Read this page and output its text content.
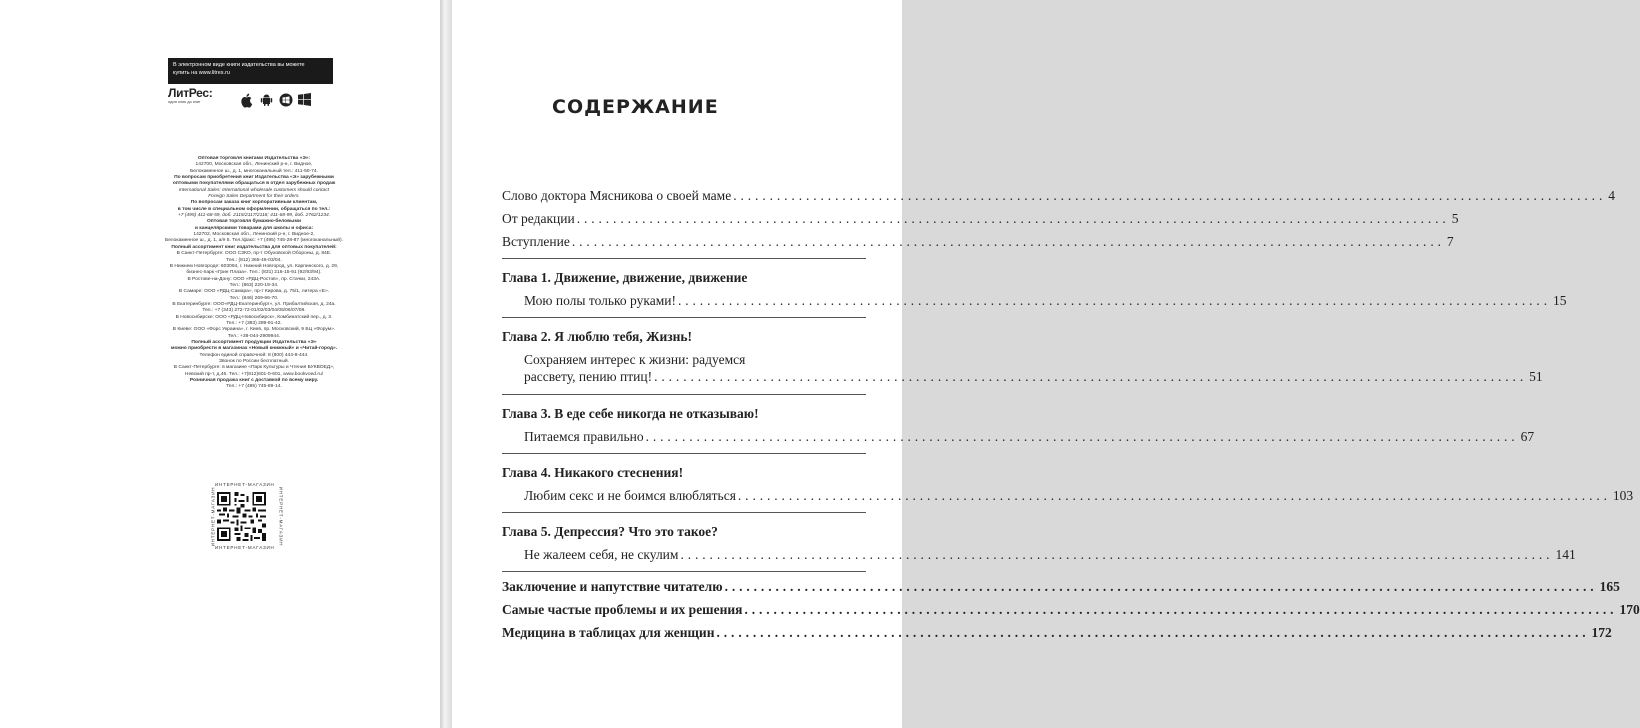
В электронном виде книги издательства вы можете
купить на www.litres.ru
ЛитРес:
один клик до книг
Оптовая торговля книгами Издательства «Э»:
142700, Московская обл., Ленинский р-н, г. Видное,
Белокаменное ш., д. 1, многоканальный тел.: 411-50-74.
По вопросам приобретения книг Издательства «Э» зарубежными
оптовыми покупателями обращаться в отдел зарубежных продаж
International Sales: International wholesale customers should contact
Foreign Sales Department for their orders.
По вопросам заказа книг корпоративным клиентам,
в том числе в специальном оформлении, обращаться по тел.:
+7 (495) 411-68-59, доб. 2115/2117/2118; 411-68-99, доб. 2762/1234.
Оптовая торговля бумажно-беловыми
и канцелярскими товарами для школы и офиса:
142702, Московская обл., Ленинский р-н, г. Видное-2,
Белокаменное ш., д. 1, а/я 5. Тел./факс: +7 (495) 745-28-87 (многоканальный).
Полный ассортимент книг издательства для оптовых покупателей:
В Санкт-Петербурге: ООО СЗКО, пр-т Обуховской Обороны, д. 84Е.
Тел.: (812) 365-46-03/04.
В Нижнем Новгороде: 603094, г. Нижний Новгород, ул. Карпинского, д. 29,
бизнес-парк «Грин Плаза». Тел.: (831) 216-15-91 (92/93/94).
В Ростове-на-Дону: ООО «РДЦ-Ростов», пр. Стачки, 243А.
Тел.: (863) 220-19-34.
В Самаре: ООО «РДЦ-Самара», пр-т Кирова, д. 75/1, литера «Е».
Тел.: (846) 269-66-70.
В Екатеринбурге: ООО«РДЦ-Екатеринбург», ул. Прибалтийская, д. 24а.
Тел.: +7 (343) 272-72-01/02/03/04/05/06/07/08.
В Новосибирске: ООО «РДЦ-Новосибирск», Комбинатский пер., д. 3.
Тел.: +7 (383) 289-91-42.
В Киеве: ООО «Форс Украина», г. Киев, пр. Московский, 9 БЦ «Форум».
Тел.: +38-044-2909944.
Полный ассортимент продукции Издательства «Э»
можно приобрести в магазинах «Новый книжный» и «Читай-город».
Телефон единой справочной: 8 (800) 444-8-444.
Звонок по России бесплатный.
В Санкт-Петербурге: в магазине «Парк Культуры и Чтения БУКВОЕД»,
Невский пр-т, д.46. Тел.: +7(812)601-0-601, www.bookvoed.ru/
Розничная продажа книг с доставкой по всему миру.
Тел.: +7 (495) 745-89-14.
ИНТЕРНЕТ-МАГАЗИН
ИНТЕРНЕТ-МАГАЗИН
ИНТЕРНЕТ-МАГАЗИН	ИНТЕРНЕТ-МАГАЗИН
СОДЕРЖАНИЕ
Слово доктора Мясникова о своей маме ........................................................................................................................ 4
От редакции ........................................................................................................................ 5
Вступление ........................................................................................................................ 7
Глава 1. Движение, движение, движение
Мою полы только руками! ........................................................................................................................ 15
Глава 2. Я люблю тебя, Жизнь!
Сохраняем интерес к жизни: радуемся
рассвету, пению птиц! ........................................................................................................................ 51
Глава 3. В еде себе никогда не отказываю!
Питаемся правильно ........................................................................................................................ 67
Глава 4. Никакого стеснения!
Любим секс и не боимся влюбляться ........................................................................................................................ 103
Глава 5. Депрессия? Что это такое?
Не жалеем себя, не скулим ........................................................................................................................ 141
Заключение и напутствие читателю ........................................................................................................................ 165
Самые частые проблемы и их решения ........................................................................................................................ 170
Медицина в таблицах для женщин ........................................................................................................................ 172
